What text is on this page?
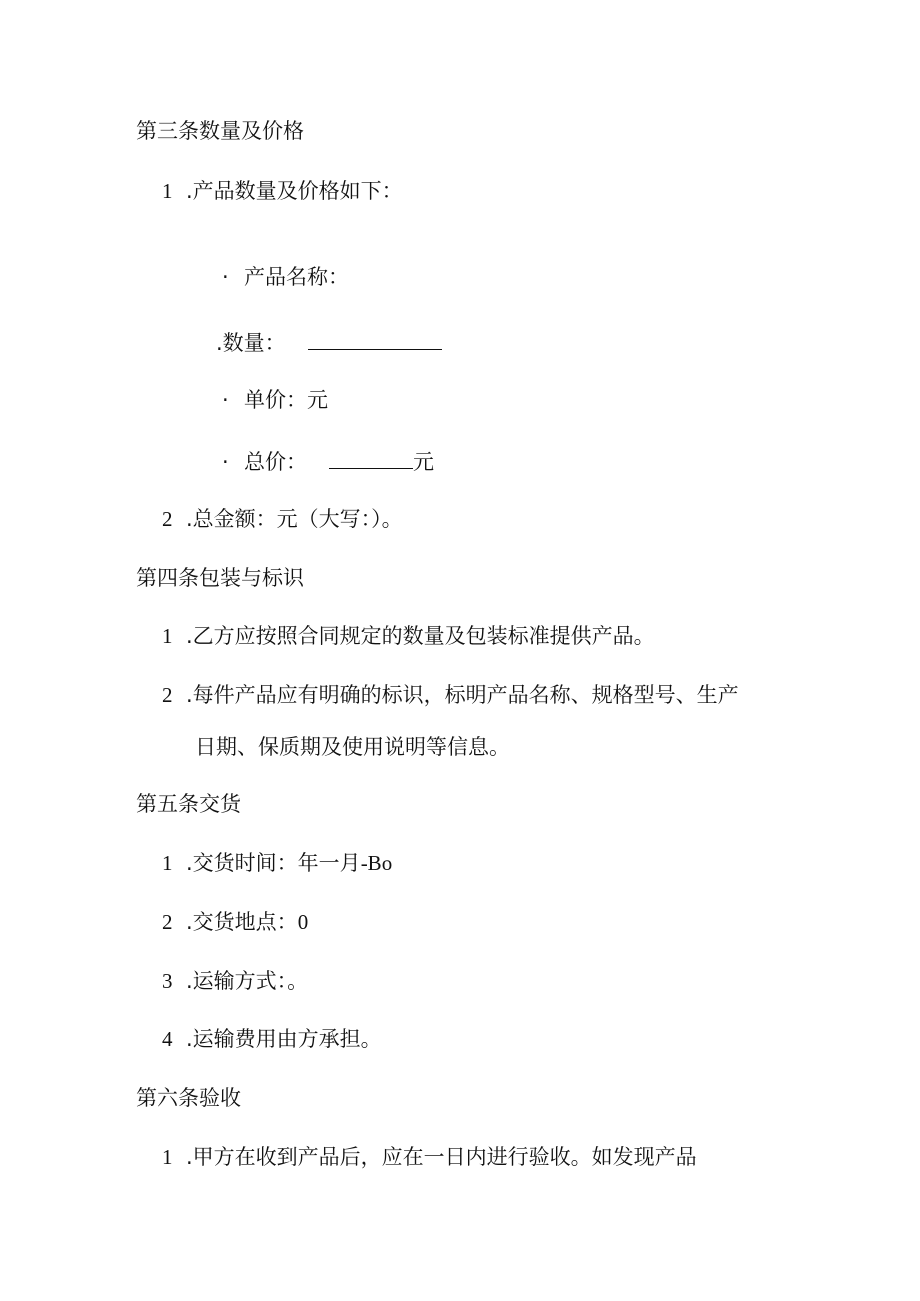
第三条数量及价格
1 .产品数量及价格如下：
· 产品名称：
.数量：
· 单价：元
· 总价：	元
2 .总金额：元（大写：）。
第四条包装与标识
1 .乙方应按照合同规定的数量及包装标准提供产品。
2 .每件产品应有明确的标识，标明产品名称、规格型号、生产
日期、保质期及使用说明等信息。
第五条交货
1 .交货时间：年一月-Bo
2 .交货地点：0
3 .运输方式：。
4 .运输费用由方承担。
第六条验收
1 .甲方在收到产品后，应在一日内进行验收。如发现产品
